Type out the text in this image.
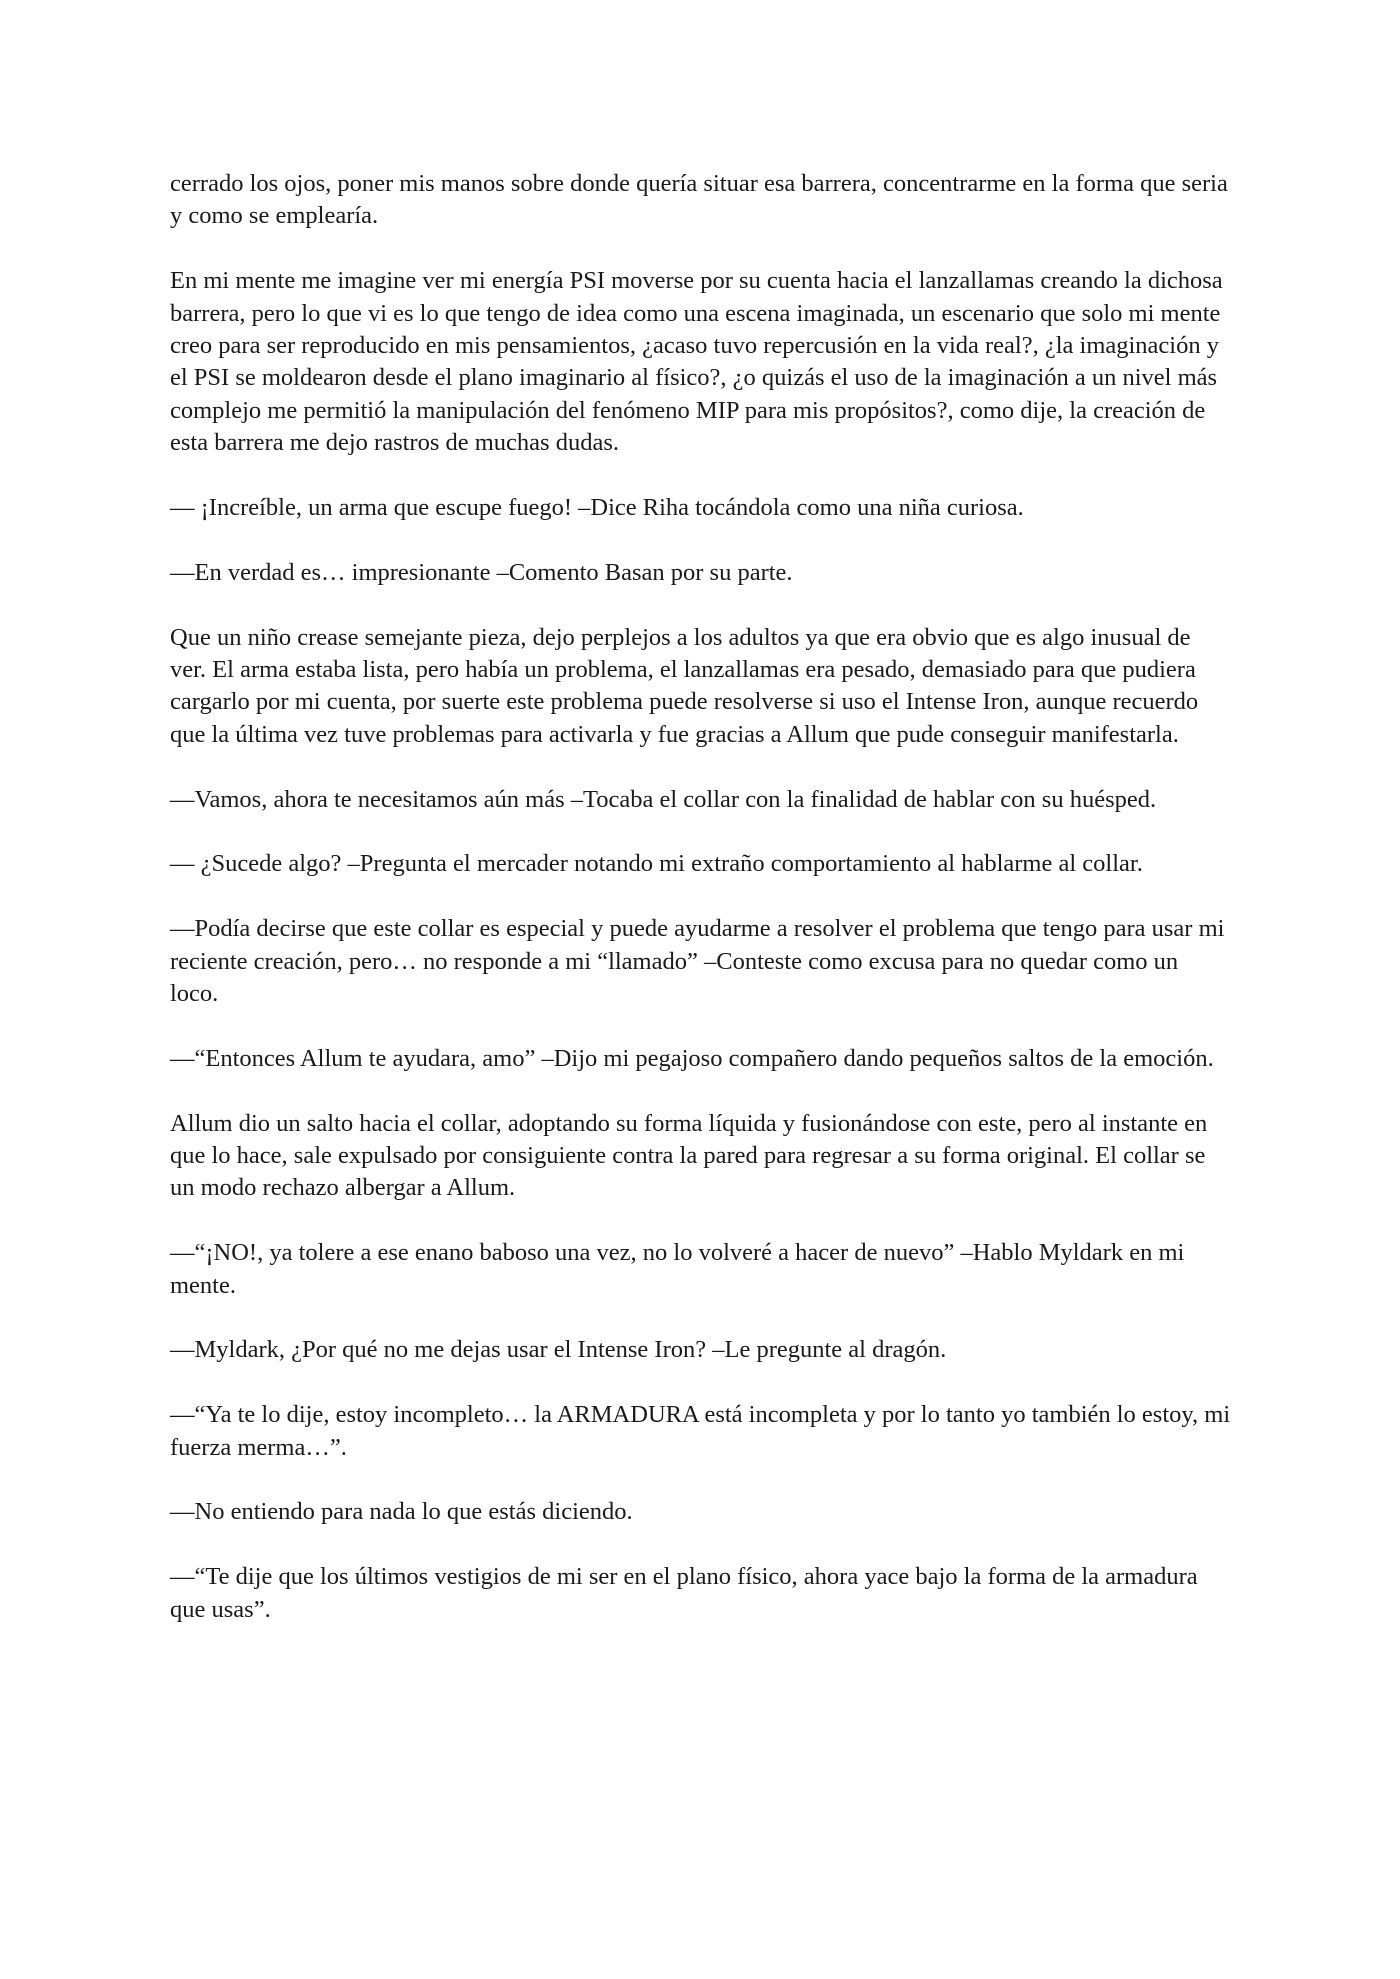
cerrado los ojos, poner mis manos sobre donde quería situar esa barrera, concentrarme en la forma que seria y como se emplearía.

En mi mente me imagine ver mi energía PSI moverse por su cuenta hacia el lanzallamas creando la dichosa barrera, pero lo que vi es lo que tengo de idea como una escena imaginada, un escenario que solo mi mente creo para ser reproducido en mis pensamientos, ¿acaso tuvo repercusión en la vida real?, ¿la imaginación y el PSI se moldearon desde el plano imaginario al físico?, ¿o quizás el uso de la imaginación a un nivel más complejo me permitió la manipulación del fenómeno MIP para mis propósitos?, como dije, la creación de esta barrera me dejo rastros de muchas dudas.

— ¡Increíble, un arma que escupe fuego! –Dice Riha tocándola como una niña curiosa.

—En verdad es… impresionante –Comento Basan por su parte.

Que un niño crease semejante pieza, dejo perplejos a los adultos ya que era obvio que es algo inusual de ver. El arma estaba lista, pero había un problema, el lanzallamas era pesado, demasiado para que pudiera cargarlo por mi cuenta, por suerte este problema puede resolverse si uso el Intense Iron, aunque recuerdo que la última vez tuve problemas para activarla y fue gracias a Allum que pude conseguir manifestarla.

—Vamos, ahora te necesitamos aún más –Tocaba el collar con la finalidad de hablar con su huésped.

— ¿Sucede algo? –Pregunta el mercader notando mi extraño comportamiento al hablarme al collar.

—Podía decirse que este collar es especial y puede ayudarme a resolver el problema que tengo para usar mi reciente creación, pero… no responde a mi “llamado” –Conteste como excusa para no quedar como un loco.

—“Entonces Allum te ayudara, amo” –Dijo mi pegajoso compañero dando pequeños saltos de la emoción.

Allum dio un salto hacia el collar, adoptando su forma líquida y fusionándose con este, pero al instante en que lo hace, sale expulsado por consiguiente contra la pared para regresar a su forma original. El collar se un modo rechazo albergar a Allum.

—“¡NO!, ya tolere a ese enano baboso una vez, no lo volveré a hacer de nuevo” –Hablo Myldark en mi mente.

—Myldark, ¿Por qué no me dejas usar el Intense Iron? –Le pregunte al dragón.

—“Ya te lo dije, estoy incompleto… la ARMADURA está incompleta y por lo tanto yo también lo estoy, mi fuerza merma…”.

—No entiendo para nada lo que estás diciendo.

—“Te dije que los últimos vestigios de mi ser en el plano físico, ahora yace bajo la forma de la armadura que usas”.
